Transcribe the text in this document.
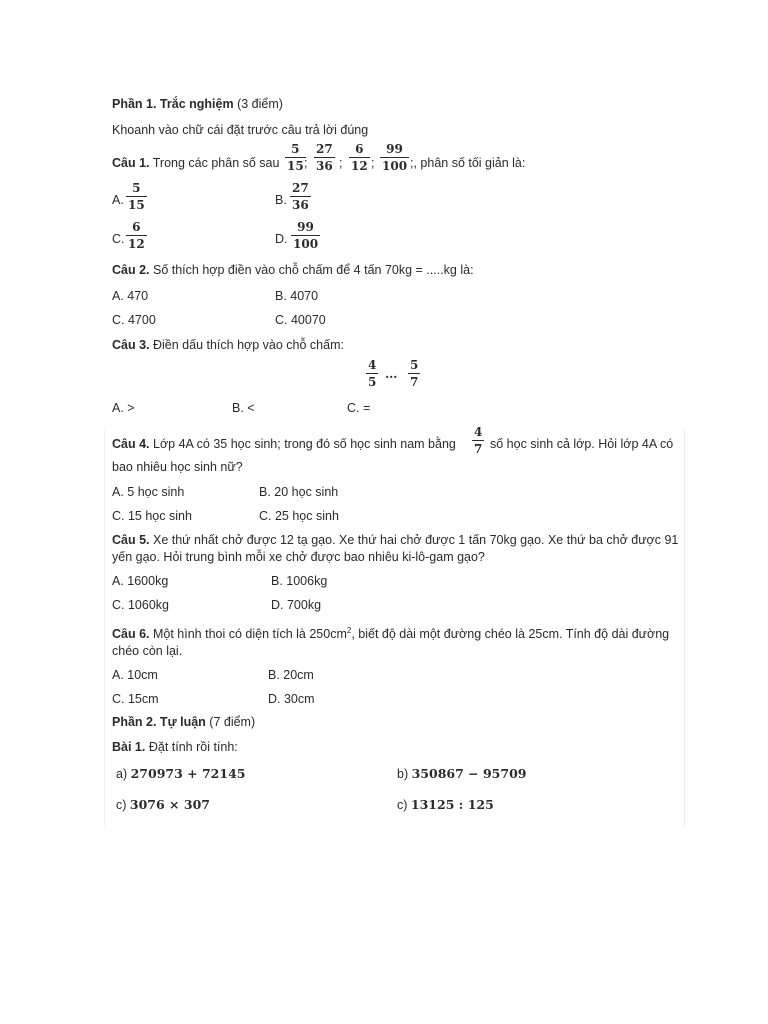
Phần 1. Trắc nghiệm (3 điểm)
Khoanh vào chữ cái đặt trước câu trả lời đúng
Câu 1. Trong các phân số sau
5
15 ;
27
36 ;
6
12 ;
99
100 ;, phân số tối giản là:
A.
5
15	B.
27
36
C.
6
12	D.
99
100
Câu 2. Số thích hợp điền vào chỗ chấm để 4 tấn 70kg = .....kg là:
A. 470	B. 4070
C. 4700	C. 40070
Câu 3. Điền dấu thích hợp vào chỗ chấm:
4
5
…
5
7
A. >	B. <	C. =
Câu 4. Lớp 4A có 35 học sinh; trong đó số học sinh nam bằng
4
7 số học sinh cả lớp. Hỏi lớp 4A có
bao nhiêu học sinh nữ?
A. 5 học sinh	B. 20 học sinh
C. 15 học sinh	C. 25 học sinh
Câu 5. Xe thứ nhất chở được 12 tạ gạo. Xe thứ hai chở được 1 tấn 70kg gạo. Xe thứ ba chở được 91
yến gạo. Hỏi trung bình mỗi xe chở được bao nhiêu ki-lô-gam gạo?
A. 1600kg	B. 1006kg
C. 1060kg	D. 700kg
Câu 6. Một hình thoi có diện tích là $250cm^2$, biết độ dài một đường chéo là 25cm. Tính độ dài đường
chéo còn lại.
A. 10cm	B. 20cm
C. 15cm	D. 30cm
Phần 2. Tự luận (7 điểm)
Bài 1. Đặt tính rồi tính:
a) 270973 + 72145	b) 350867 − 95709
c) 3076 × 307	c) 13125 : 125
